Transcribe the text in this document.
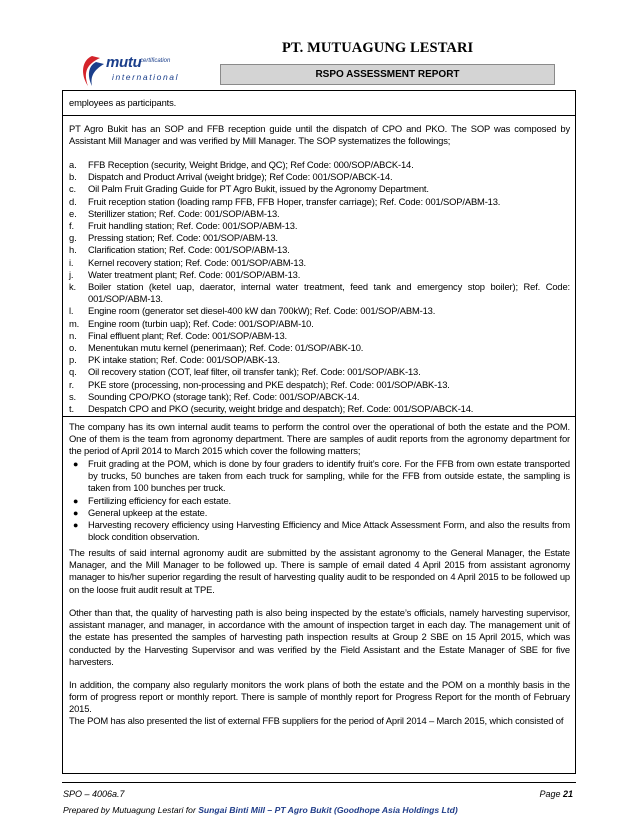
mutu
certification
international
PT. MUTUAGUNG LESTARI
RSPO ASSESSMENT REPORT

employees as participants.

PT Agro Bukit has an SOP and FFB reception guide until the dispatch of CPO and PKO. The SOP was composed by Assistant Mill Manager and was verified by Mill Manager. The SOP systematizes the followings;

a. FFB Reception (security, Weight Bridge, and QC); Ref Code: 000/SOP/ABCK-14.
b. Dispatch and Product Arrival (weight bridge); Ref Code: 001/SOP/ABCK-14.
c. Oil Palm Fruit Grading Guide for PT Agro Bukit, issued by the Agronomy Department.
d. Fruit reception station (loading ramp FFB, FFB Hoper, transfer carriage); Ref. Code: 001/SOP/ABM-13.
e. Sterillizer station; Ref. Code: 001/SOP/ABM-13.
f. Fruit handling station; Ref. Code: 001/SOP/ABM-13.
g. Pressing station; Ref. Code: 001/SOP/ABM-13.
h. Clarification station; Ref. Code: 001/SOP/ABM-13.
i. Kernel recovery station; Ref. Code: 001/SOP/ABM-13.
j. Water treatment plant; Ref. Code: 001/SOP/ABM-13.
k. Boiler station (ketel uap, daerator, internal water treatment, feed tank and emergency stop boiler); Ref. Code: 001/SOP/ABM-13.
l. Engine room (generator set diesel-400 kW dan 700kW); Ref. Code: 001/SOP/ABM-13.
m. Engine room (turbin uap); Ref. Code: 001/SOP/ABM-10.
n. Final effluent plant; Ref. Code: 001/SOP/ABM-13.
o. Menentukan mutu kernel (penerimaan); Ref. Code: 01/SOP/ABK-10.
p. PK intake station; Ref. Code: 001/SOP/ABK-13.
q. Oil recovery station (COT, leaf filter, oil transfer tank); Ref. Code: 001/SOP/ABK-13.
r. PKE store (processing, non-processing and PKE despatch); Ref. Code: 001/SOP/ABK-13.
s. Sounding CPO/PKO (storage tank); Ref. Code: 001/SOP/ABCK-14.
t. Despatch CPO and PKO (security, weight bridge and despatch); Ref. Code: 001/SOP/ABCK-14.

The company has its own internal audit teams to perform the control over the operational of both the estate and the POM. One of them is the team from agronomy department. There are samples of audit reports from the agronomy department for the period of April 2014 to March 2015 which cover the following matters;

● Fruit grading at the POM, which is done by four graders to identify fruit’s core. For the FFB from own estate transported by trucks, 50 bunches are taken from each truck for sampling, while for the FFB from outside estate, the sampling is taken from 100 bunches per truck.
● Fertilizing efficiency for each estate.
● General upkeep at the estate.
● Harvesting recovery efficiency using Harvesting Efficiency and Mice Attack Assessment Form, and also the results from block condition observation.

The results of said internal agronomy audit are submitted by the assistant agronomy to the General Manager, the Estate Manager, and the Mill Manager to be followed up. There is sample of email dated 4 April 2015 from assistant agronomy manager to his/her superior regarding the result of harvesting quality audit to be responded on 4 April 2015 to be followed up on the loose fruit audit result at TPE.

Other than that, the quality of harvesting path is also being inspected by the estate’s officials, namely harvesting supervisor, assistant manager, and manager, in accordance with the amount of inspection target in each day. The management unit of the estate has presented the samples of harvesting path inspection results at Group 2 SBE on 15 April 2015, which was conducted by the Harvesting Supervisor and was verified by the Field Assistant and the Estate Manager of SBE for five harvesters.

In addition, the company also regularly monitors the work plans of both the estate and the POM on a monthly basis in the form of progress report or monthly report. There is sample of monthly report for Progress Report for the month of February 2015.

The POM has also presented the list of external FFB suppliers for the period of April 2014 – March 2015, which consisted of

SPO – 4006a.7	Page 21
Prepared by Mutuagung Lestari for Sungai Binti Mill – PT Agro Bukit (Goodhope Asia Holdings Ltd)
